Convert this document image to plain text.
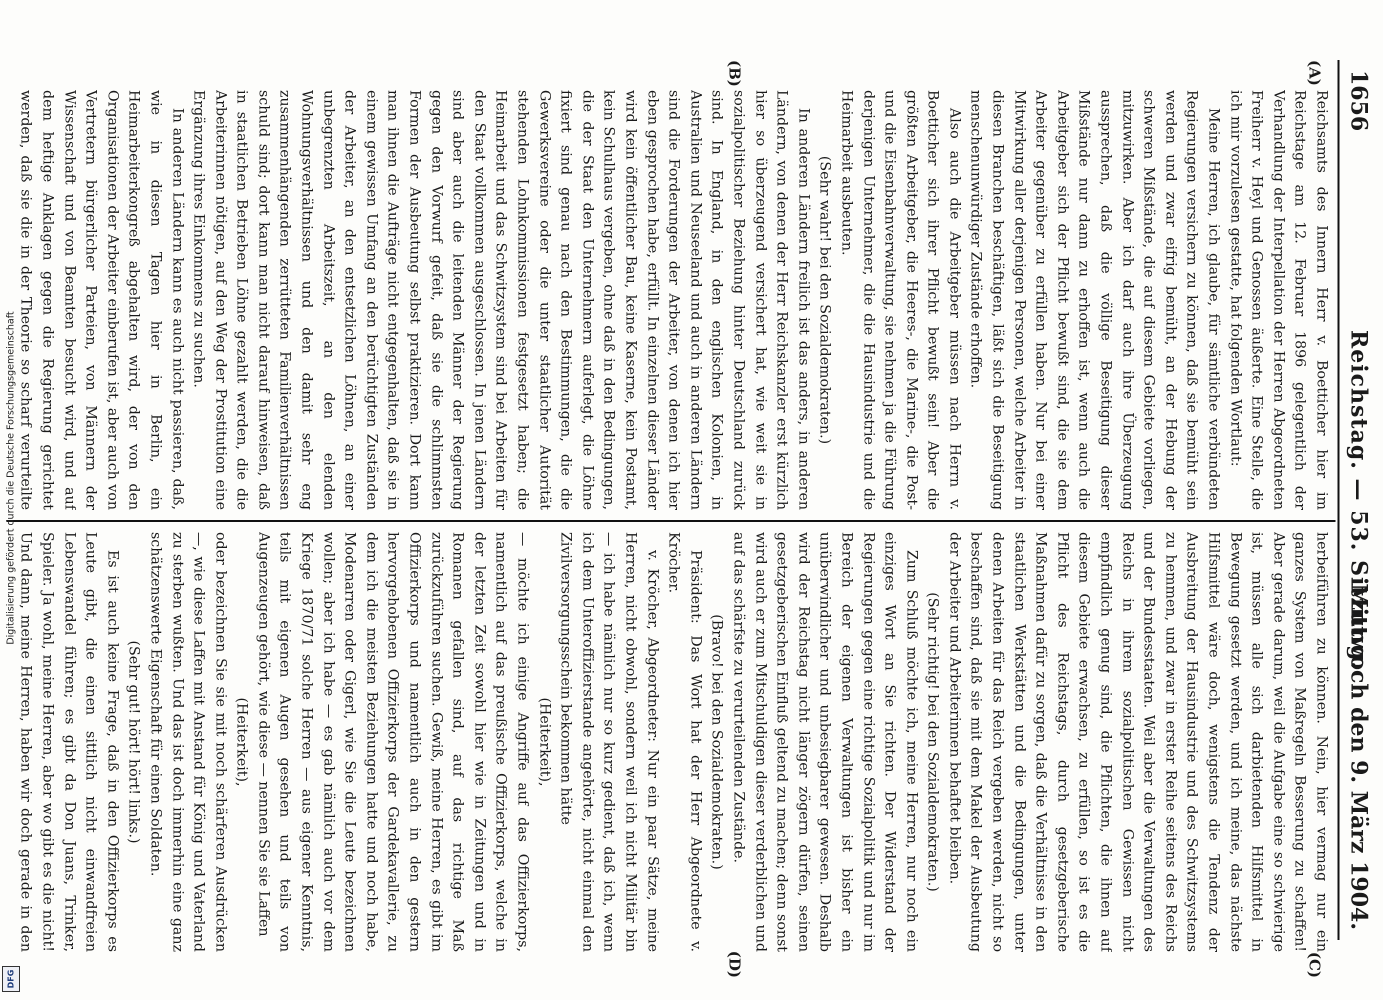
1656
Reichstag. — 53. Sitzung.
Mittwoch den 9. März 1904.
(A)
(B)
(C)
(D)

Reichsamts des Innern Herr v. Boetticher hier im Reichstage am 12. Februar 1896 gelegentlich der Verhandlung der Interpellation der Herren Abgeordneten Freiherr v. Heyl und Genossen äußerte. Eine Stelle, die ich mir vorzulesen gestatte, hat folgenden Wortlaut:

Meine Herren, ich glaube, für sämtliche verbündeten Regierungen versichern zu können, daß sie bemüht sein werden und zwar eifrig bemüht, an der Hebung der schweren Mißstände, die auf diesem Gebiete vorliegen, mitzuwirken. Aber ich darf auch ihre Überzeugung aussprechen, daß die völlige Beseitigung dieser Mißstände nur dann zu erhoffen ist, wenn auch die Arbeitgeber sich der Pflicht bewußt sind, die sie dem Arbeiter gegenüber zu erfüllen haben. Nur bei einer Mitwirkung aller derjenigen Personen, welche Arbeiter in diesen Branchen beschäftigen, läßt sich die Beseitigung menschenunwürdiger Zustände erhoffen.

Also auch die Arbeitgeber müssen nach Herrn v. Boetticher sich ihrer Pflicht bewußt sein! Aber die größten Arbeitgeber, die Heeres-, die Marine-, die Post- und die Eisenbahnverwaltung, sie nehmen ja die Führung derjenigen Unternehmer, die die Hausindustrie und die Heimarbeit ausbeuten.

(Sehr wahr! bei den Sozialdemokraten.)

In anderen Ländern freilich ist das anders, in anderen Ländern, von denen der Herr Reichskanzler erst kürzlich hier so überzeugend versichert hat, wie weit sie in sozialpolitischer Beziehung hinter Deutschland zurück sind. In England, in den englischen Kolonien, in Australien und Neuseeland und auch in anderen Ländern sind die Forderungen der Arbeiter, von denen ich hier eben gesprochen habe, erfüllt. In einzelnen dieser Länder wird kein öffentlicher Bau, keine Kaserne, kein Postamt, kein Schulhaus vergeben, ohne daß in den Bedingungen, die der Staat den Unternehmern auferlegt, die Löhne fixiert sind genau nach den Bestimmungen, die die Gewerksvereine oder die unter staatlicher Autorität stehenden Lohnkommissionen festgesetzt haben; die Heimarbeit und das Schwitzsystem sind bei Arbeiten für den Staat vollkommen ausgeschlossen. In jenen Ländern sind aber auch die leitenden Männer der Regierung gegen den Vorwurf gefeit, daß sie die schlimmsten Formen der Ausbeutung selbst praktizieren. Dort kann man ihnen die Aufträge nicht entgegenhalten, daß sie in einem gewissen Umfang an den berüchtigten Zuständen der Arbeiter, an den entsetzlichen Löhnen, an einer unbegrenzten Arbeitszeit, an den elenden Wohnungsverhältnissen und den damit sehr eng zusammenhängenden zerrütteten Familienverhältnissen schuld sind; dort kann man nicht darauf hinweisen, daß in staatlichen Betrieben Löhne gezahlt werden, die die Arbeiterinnen nötigen, auf den Weg der Prostitution eine Ergänzung ihres Einkommens zu suchen.

In anderen Ländern kann es auch nicht passieren, daß, wie in diesen Tagen hier in Berlin, ein Heimarbeiterkongreß abgehalten wird, der von den Organisationen der Arbeiter einberufen ist, aber auch von Vertretern bürgerlicher Parteien, von Männern der Wissenschaft und von Beamten besucht wird, und auf dem heftige Anklagen gegen die Regierung gerichtet werden, daß sie die in der Theorie so scharf verurteilte

herbeiführen zu können. Nein, hier vermag nur ein ganzes System von Maßregeln Besserung zu schaffen! Aber gerade darum, weil die Aufgabe eine so schwierige ist, müssen alle sich darbietenden Hilfsmittel in Bewegung gesetzt werden, und ich meine, das nächste Hilfsmittel wäre doch, wenigstens die Tendenz der Ausbreitung der Hausindustrie und des Schwitzsystems zu hemmen, und zwar in erster Reihe seitens des Reichs und der Bundesstaaten. Weil aber die Verwaltungen des Reichs in ihrem sozialpolitischen Gewissen nicht empfindlich genug sind, die Pflichten, die ihnen auf diesem Gebiete erwachsen, zu erfüllen, so ist es die Pflicht des Reichstags, durch gesetzgeberische Maßnahmen dafür zu sorgen, daß die Verhältnisse in den staatlichen Werkstätten und die Bedingungen, unter denen Arbeiten für das Reich vergeben werden, nicht so beschaffen sind, daß sie mit dem Makel der Ausbeutung der Arbeiter und Arbeiterinnen behaftet bleiben.

(Sehr richtig! bei den Sozialdemokraten.)

Zum Schluß möchte ich, meine Herren, nur noch ein einziges Wort an Sie richten. Der Widerstand der Regierungen gegen eine richtige Sozialpolitik und nur im Bereich der eigenen Verwaltungen ist bisher ein unüberwindlicher und unbesiegbarer gewesen. Deshalb wird der Reichstag nicht länger zögern dürfen, seinen gesetzgeberischen Einfluß geltend zu machen; denn sonst wird auch er zum Mitschuldigen dieser verderblichen und auf das schärfste zu verurteilenden Zustände.

(Bravo! bei den Sozialdemokraten.)

Präsident: Das Wort hat der Herr Abgeordnete v. Kröcher.

v. Kröcher, Abgeordneter: Nur ein paar Sätze, meine Herren, nicht obwohl, sondern weil ich nicht Militär bin — ich habe nämlich nur so kurz gedient, daß ich, wenn ich dem Unteroffizierstande angehörte, nicht einmal den Zivilversorgungsschein bekommen hätte

(Heiterkeit),

— möchte ich einige Angriffe auf das Offizierkorps, namentlich auf das preußische Offizierkorps, welche in der letzten Zeit sowohl hier wie in Zeitungen und in Romanen gefallen sind, auf das richtige Maß zurückzuführen suchen. Gewiß, meine Herren, es gibt im Offizierkorps und namentlich auch in den gestern hervorgehobenen Offizierkorps der Gardekavallerie, zu dem ich die meisten Beziehungen hatte und noch habe, Modenarren oder Gigerl, wie Sie die Leute bezeichnen wollen; aber ich habe — es gab nämlich auch vor dem Kriege 1870/71 solche Herren — aus eigener Kenntnis, teils mit eigenen Augen gesehen und teils von Augenzeugen gehört, wie diese — nennen Sie sie Laffen

(Heiterkeit),

oder bezeichnen Sie sie mit noch schärferen Ausdrücken —, wie diese Laffen mit Anstand für König und Vaterland zu sterben wußten. Und das ist doch immerhin eine ganz schätzenswerte Eigenschaft für einen Soldaten.

(Sehr gut! hört! hört! links.)

Es ist auch keine Frage, daß in den Offizierkorps es Leute gibt, die einen sittlich nicht einwandfreien Lebenswandel führen; es gibt da Don Juans, Trinker, Spieler. Ja wohl, meine Herren, aber wo gibt es die nicht! Und dann, meine Herren, haben wir doch gerade in den

Digitalisierung gefördert durch die Deutsche Forschungsgemeinschaft
DFG
